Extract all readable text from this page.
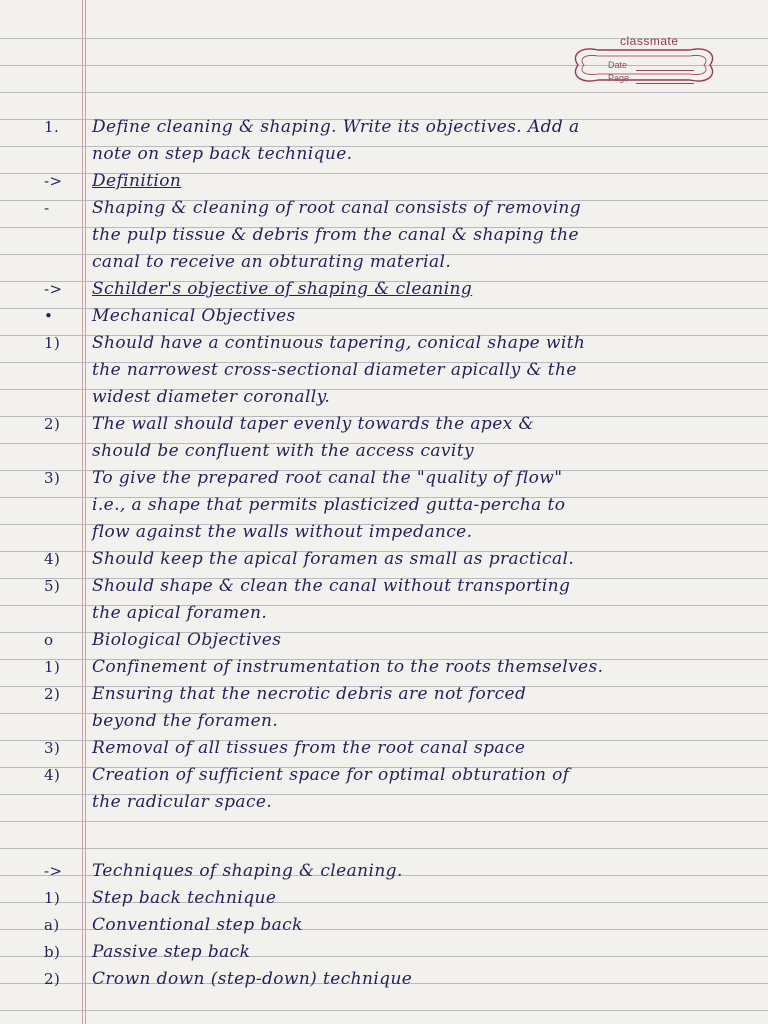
classmate
Date
Page
1. Define cleaning & shaping. Write its objectives. Add a
note on step back technique.
-> Definition
-	Shaping & cleaning of root canal consists of removing
the pulp tissue & debris from the canal & shaping the
canal to receive an obturating material.
-> Schilder's objective of shaping & cleaning
• Mechanical Objectives
1) Should have a continuous tapering, conical shape with
the narrowest cross-sectional diameter apically & the
widest diameter coronally.
2) The wall should taper evenly towards the apex &
should be confluent with the access cavity
3) To give the prepared root canal the "quality of flow"
i.e., a shape that permits plasticized gutta-percha to
flow against the walls without impedance.
4) Should keep the apical foramen as small as practical.
5) Should shape & clean the canal without transporting
the apical foramen.
o Biological Objectives
1) Confinement of instrumentation to the roots themselves.
2) Ensuring that the necrotic debris are not forced
beyond the foramen.
3) Removal of all tissues from the root canal space
4) Creation of sufficient space for optimal obturation of
the radicular space.
-> Techniques of shaping & cleaning.
1) Step back technique
a) Conventional step back
b) Passive step back
2) Crown down (step-down) technique
